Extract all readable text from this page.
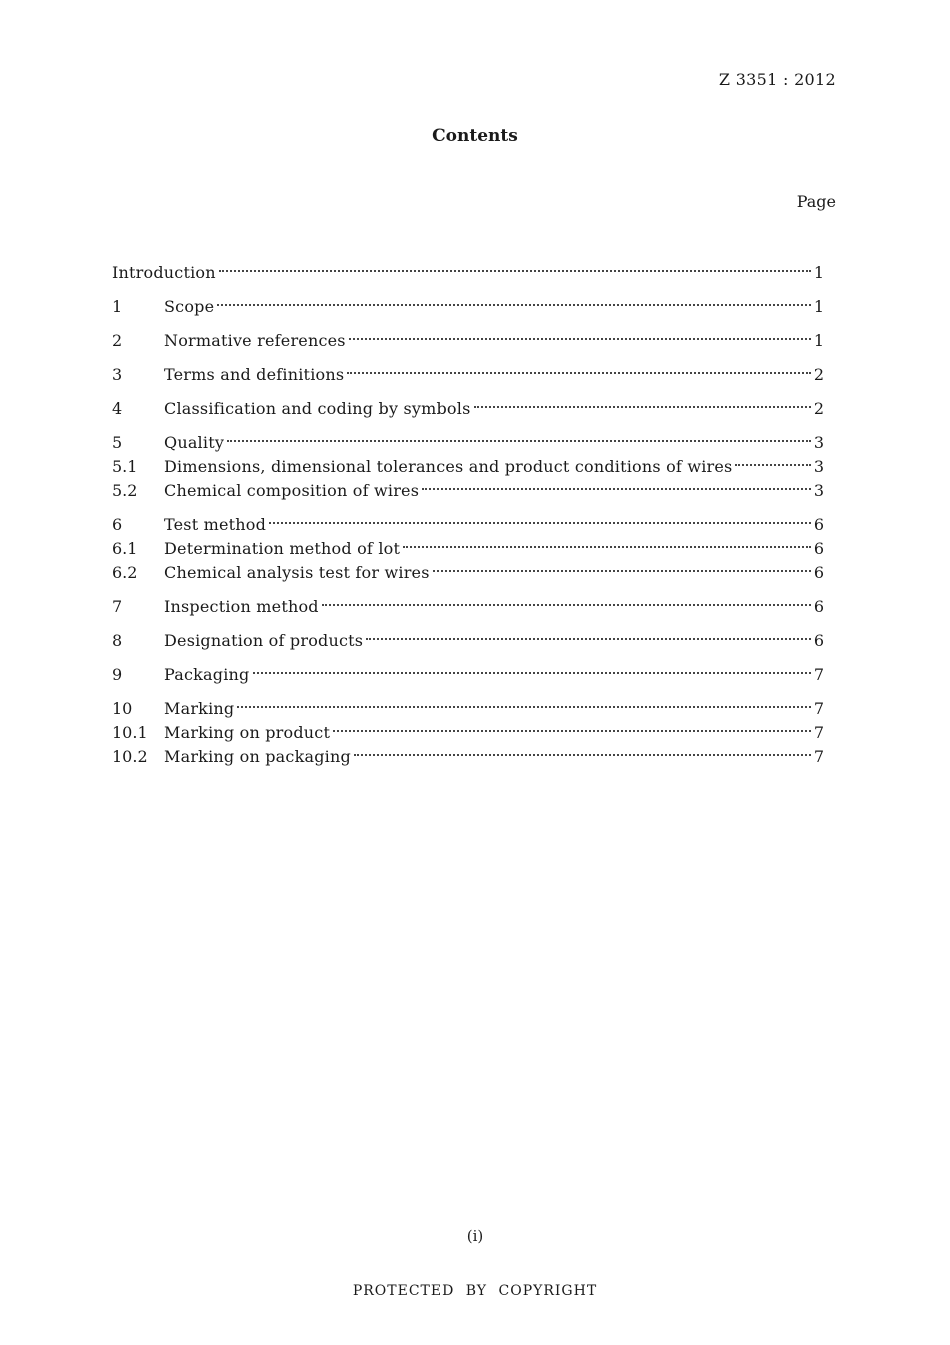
Z 3351 : 2012
Contents
Page
Introduction	1
1	Scope	1
2	Normative references	1
3	Terms and definitions	2
4	Classification and coding by symbols	2
5	Quality	3
5.1	Dimensions, dimensional tolerances and product conditions of wires	3
5.2	Chemical composition of wires	3
6	Test method	6
6.1	Determination method of lot	6
6.2	Chemical analysis test for wires	6
7	Inspection method	6
8	Designation of products	6
9	Packaging	7
10	Marking	7
10.1	Marking on product	7
10.2	Marking on packaging	7
(i)
PROTECTED BY COPYRIGHT
